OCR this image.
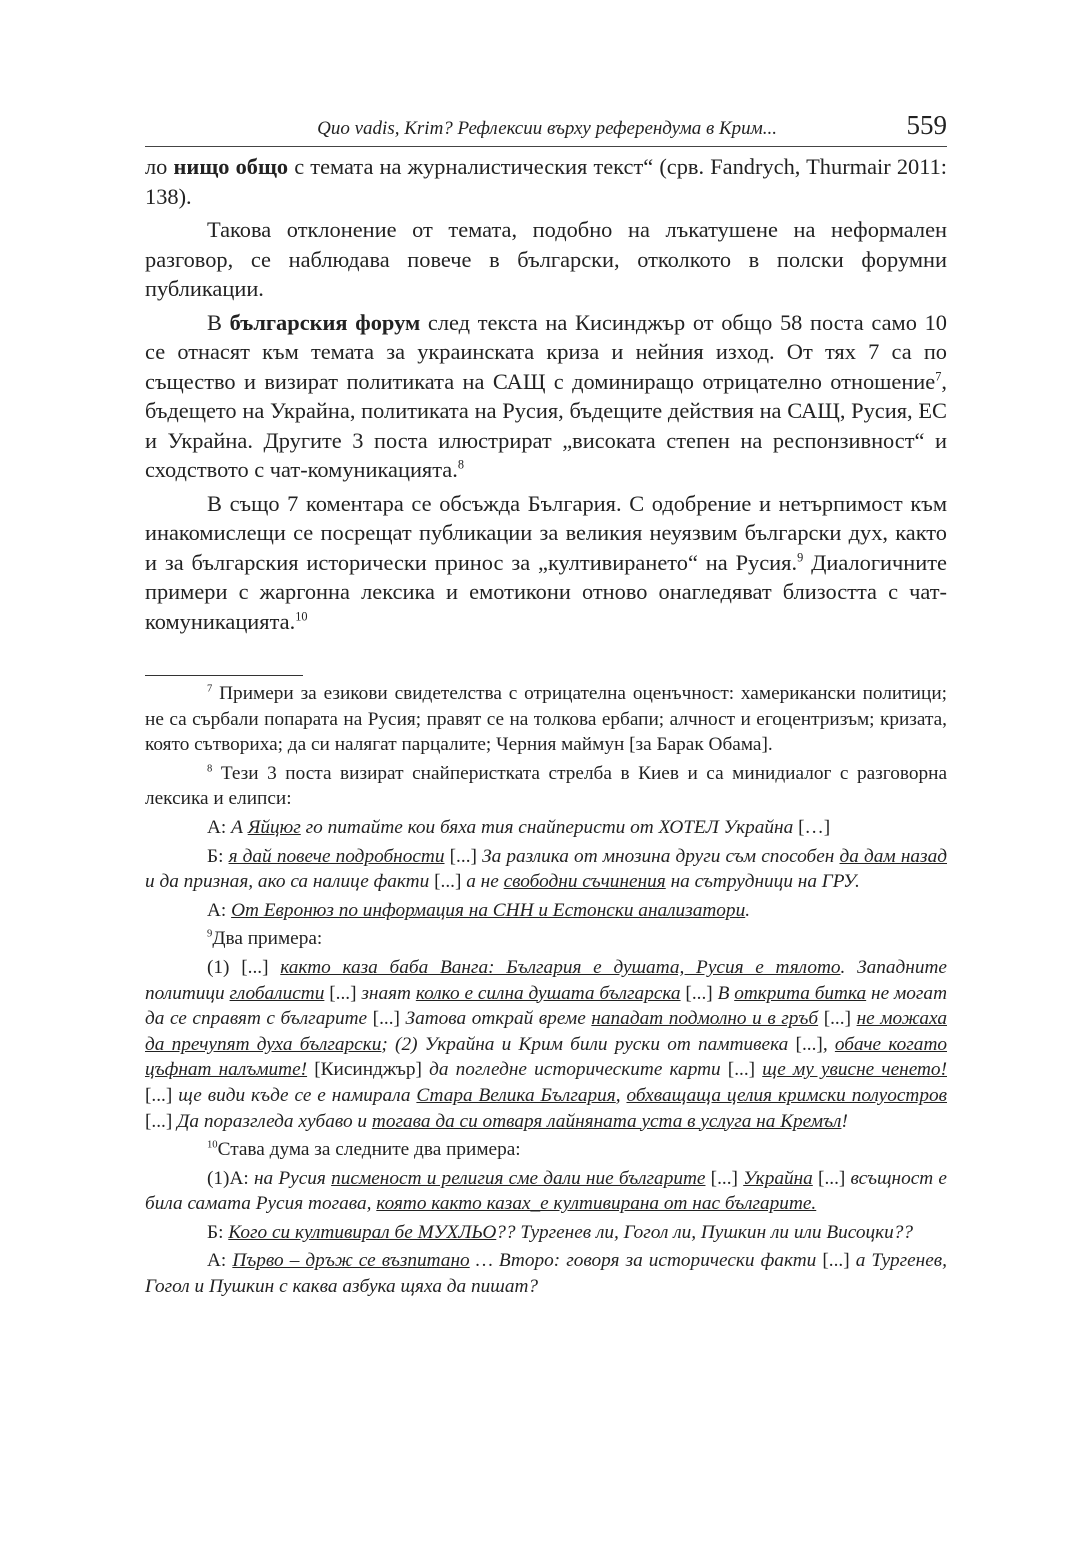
Quo vadis, Krim? Рефлексии върху референдума в Крим...	559

ло нищо общо с темата на журналистическия текст“ (срв. Fandrych, Thurmair 2011: 138).

Такова отклонение от темата, подобно на лъкатушене на неформален разговор, се наблюдава повече в български, отколкото в полски форумни публикации.

В българския форум след текста на Кисинджър от общо 58 поста само 10 се отнасят към темата за украинската криза и нейния изход. От тях 7 са по същество и визират политиката на САЩ с доминиращо отрицателно отношение$^7$, бъдещето на Украйна, политиката на Русия, бъдещите действия на САЩ, Русия, ЕС и Украйна. Другите 3 поста илюстрират „високата степен на респонзивност“ и сходството с чат-комуникацията.$^8$

В също 7 коментара се обсъжда България. С одобрение и нетърпимост към инакомислещи се посрещат публикации за великия неуязвим български дух, както и за българския исторически принос за „култивирането“ на Русия.$^9$ Диалогичните примери с жаргонна лексика и емотикони отново онагледяват близостта с чат-комуникацията.$^{10}$

$^7$ Примери за езикови свидетелства с отрицателна оценъчност: хамерикански политици; не са сърбали попарата на Русия; правят се на толкова ербапи; алчност и егоцентризъм; кризата, която сътвориха; да си налягат парцалите; Черния маймун [за Барак Обама].

$^8$ Тези 3 поста визират снайперистката стрелба в Киев и са минидиалог с разговорна лексика и елипси:

А: А Яйцюг го питайте кои бяха тия снайперисти от ХОТЕЛ Украйна […]

Б: я дай повече подробности [...] За разлика от мнозина други съм способен да дам назад и да призная, ако са налице факти [...] а не свободни съчинения на сътрудници на ГРУ.

А: От Евронюз по информация на СНН и Естонски анализатори.

$^9$Два примера:

(1) [...] както каза баба Ванга: България е душата, Русия е тялото. Западните политици глобалисти [...] знаят колко е силна душата българска [...] В открита битка не могат да се справят с българите [...] Затова открай време нападат подмолно и в гръб [...] не можаха да пречупят духа български; (2) Украйна и Крим били руски от памтивека [...], обаче когато цъфнат налъмите! [Кисинджър] да погледне историческите карти [...] ще му увисне ченето! [...] ще види къде се е намирала Стара Велика България, обхващаща целия кримски полуостров [...] Да поразгледа хубаво и тогава да си отваря лайняната уста в услуга на Кремъл!

$^{10}$Става дума за следните два примера:

(1)А: на Русия писменост и религия сме дали ние българите [...] Украйна [...] всъщност е била самата Русия тогава, която както казах_е култивирана от нас българите.

Б: Кого си култивирал бе МУХЛЬО?? Тургенев ли, Гогол ли, Пушкин ли или Висоцки??

А: Първо – дръж се възпитано … Второ: говоря за исторически факти [...] а Тургенев, Гогол и Пушкин с каква азбука щяха да пишат?
